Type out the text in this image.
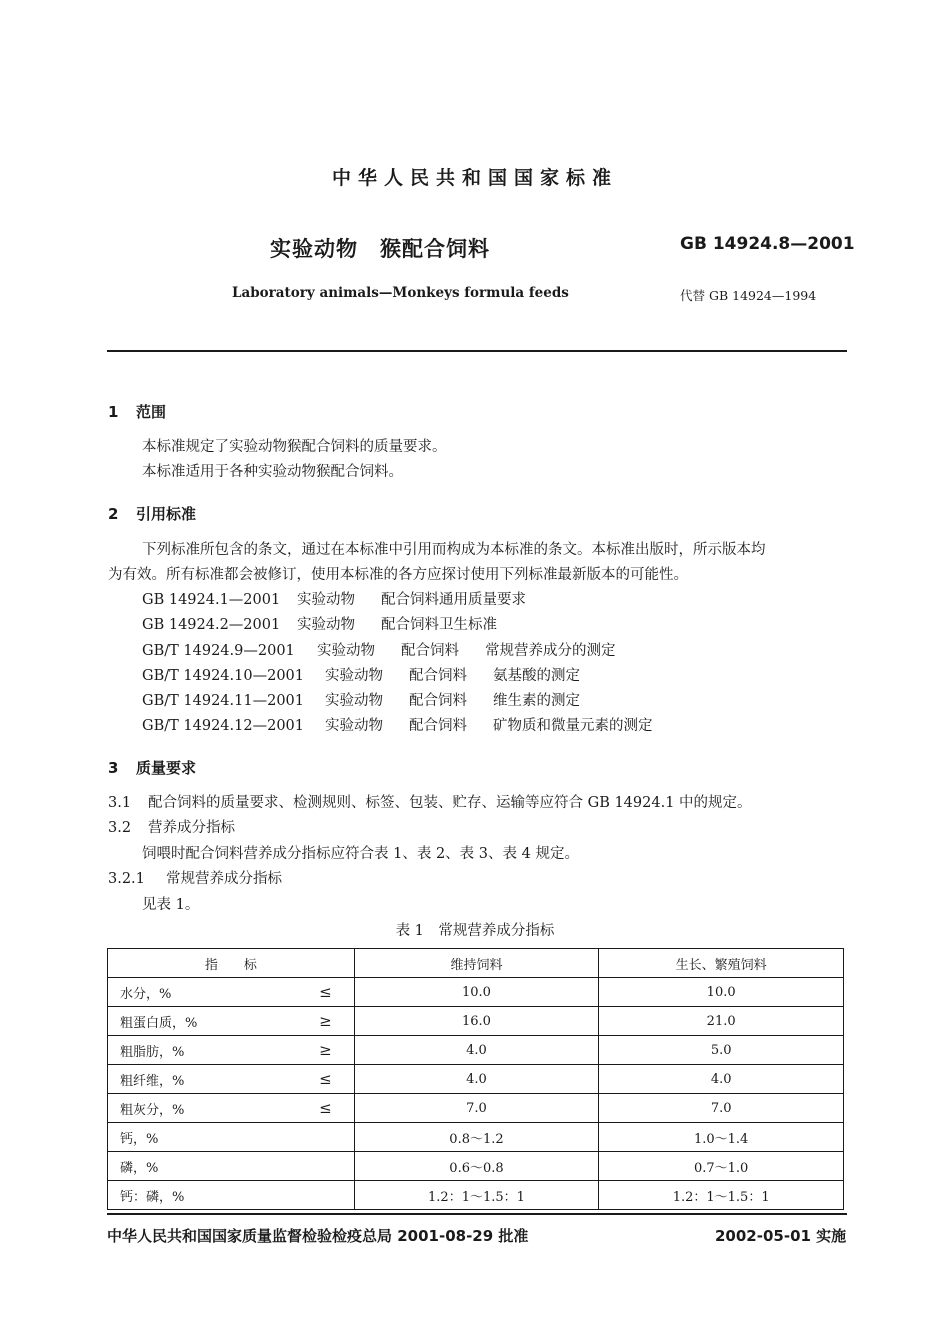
中华人民共和国国家标准
实验动物　猴配合饲料	GB 14924.8—2001
Laboratory animals—Monkeys formula feeds	代替 GB 14924—1994
1 范围
本标准规定了实验动物猴配合饲料的质量要求。
本标准适用于各种实验动物猴配合饲料。
2 引用标准
下列标准所包含的条文，通过在本标准中引用而构成为本标准的条文。本标准出版时，所示版本均
为有效。所有标准都会被修订，使用本标准的各方应探讨使用下列标准最新版本的可能性。
GB 14924.1—2001 实验动物 配合饲料通用质量要求
GB 14924.2—2001 实验动物 配合饲料卫生标准
GB/T 14924.9—2001 实验动物 配合饲料 常规营养成分的测定
GB/T 14924.10—2001 实验动物 配合饲料 氨基酸的测定
GB/T 14924.11—2001 实验动物 配合饲料 维生素的测定
GB/T 14924.12—2001 实验动物 配合饲料 矿物质和微量元素的测定
3 质量要求
3.1 配合饲料的质量要求、检测规则、标签、包装、贮存、运输等应符合 GB 14924.1 中的规定。
3.2 营养成分指标
饲喂时配合饲料营养成分指标应符合表 1、表 2、表 3、表 4 规定。
3.2.1 常规营养成分指标
见表 1。
表 1　常规营养成分指标
指　　标	维持饲料	生长、繁殖饲料
水分，% ≤	10.0	10.0
粗蛋白质，% ≥	16.0	21.0
粗脂肪，% ≥	4.0	5.0
粗纤维，% ≤	4.0	4.0
粗灰分，% ≤	7.0	7.0
钙，%	0.8～1.2	1.0～1.4
磷，%	0.6～0.8	0.7～1.0
钙：磷，%	1.2：1～1.5：1	1.2：1～1.5：1
中华人民共和国国家质量监督检验检疫总局 2001-08-29 批准	2002-05-01 实施
